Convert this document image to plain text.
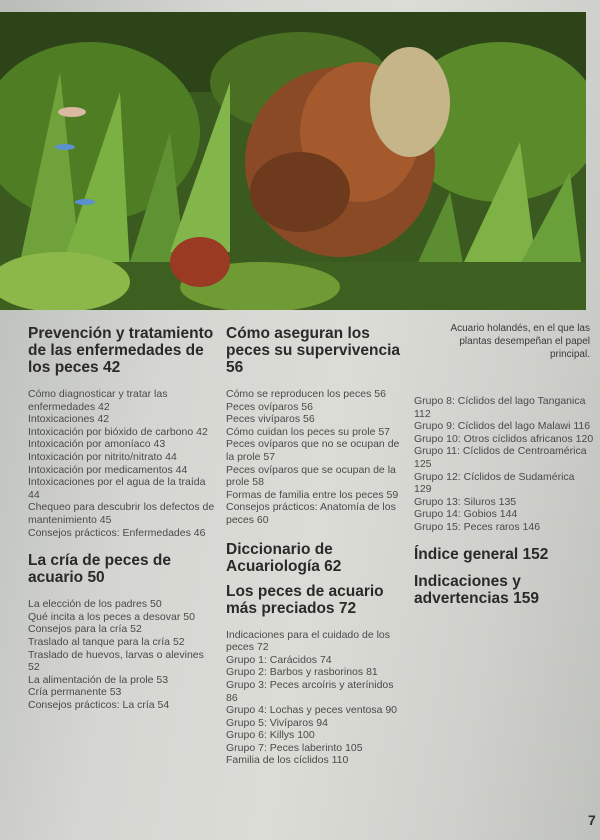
Acuario holandés, en el que las plantas desempeñan el papel principal.
Prevención y tratamiento de las enfermedades de los peces 42
Cómo diagnosticar y tratar las enfermedades 42
Intoxicaciones 42
Intoxicación por bióxido de carbono 42
Intoxicación por amoníaco 43
Intoxicación por nitrito/nitrato 44
Intoxicación por medicamentos 44
Intoxicaciones por el agua de la traída 44
Chequeo para descubrir los defectos de mantenimiento 45
Consejos prácticos: Enfermedades 46
La cría de peces de acuario 50
La elección de los padres 50
Qué incita a los peces a desovar 50
Consejos para la cría 52
Traslado al tanque para la cría 52
Traslado de huevos, larvas o alevines 52
La alimentación de la prole 53
Cría permanente 53
Consejos prácticos: La cría 54
Cómo aseguran los peces su supervivencia 56
Cómo se reproducen los peces 56
Peces ovíparos 56
Peces vivíparos 56
Cómo cuidan los peces su prole 57
Peces ovíparos que no se ocupan de la prole 57
Peces ovíparos que se ocupan de la prole 58
Formas de familia entre los peces 59
Consejos prácticos: Anatomía de los peces 60
Diccionario de Acuariología 62
Los peces de acuario más preciados 72
Indicaciones para el cuidado de los peces 72
Grupo 1: Carácidos 74
Grupo 2: Barbos y rasborinos 81
Grupo 3: Peces arcoíris y aterínidos 86
Grupo 4: Lochas y peces ventosa 90
Grupo 5: Vivíparos 94
Grupo 6: Killys 100
Grupo 7: Peces laberinto 105
Familia de los cíclidos 110
Grupo 8: Cíclidos del lago Tanganica 112
Grupo 9: Cíclidos del lago Malawi 116
Grupo 10: Otros cíclidos africanos 120
Grupo 11: Cíclidos de Centroamérica 125
Grupo 12: Cíclidos de Sudamérica 129
Grupo 13: Siluros 135
Grupo 14: Gobios 144
Grupo 15: Peces raros 146
Índice general 152
Indicaciones y advertencias 159
7
